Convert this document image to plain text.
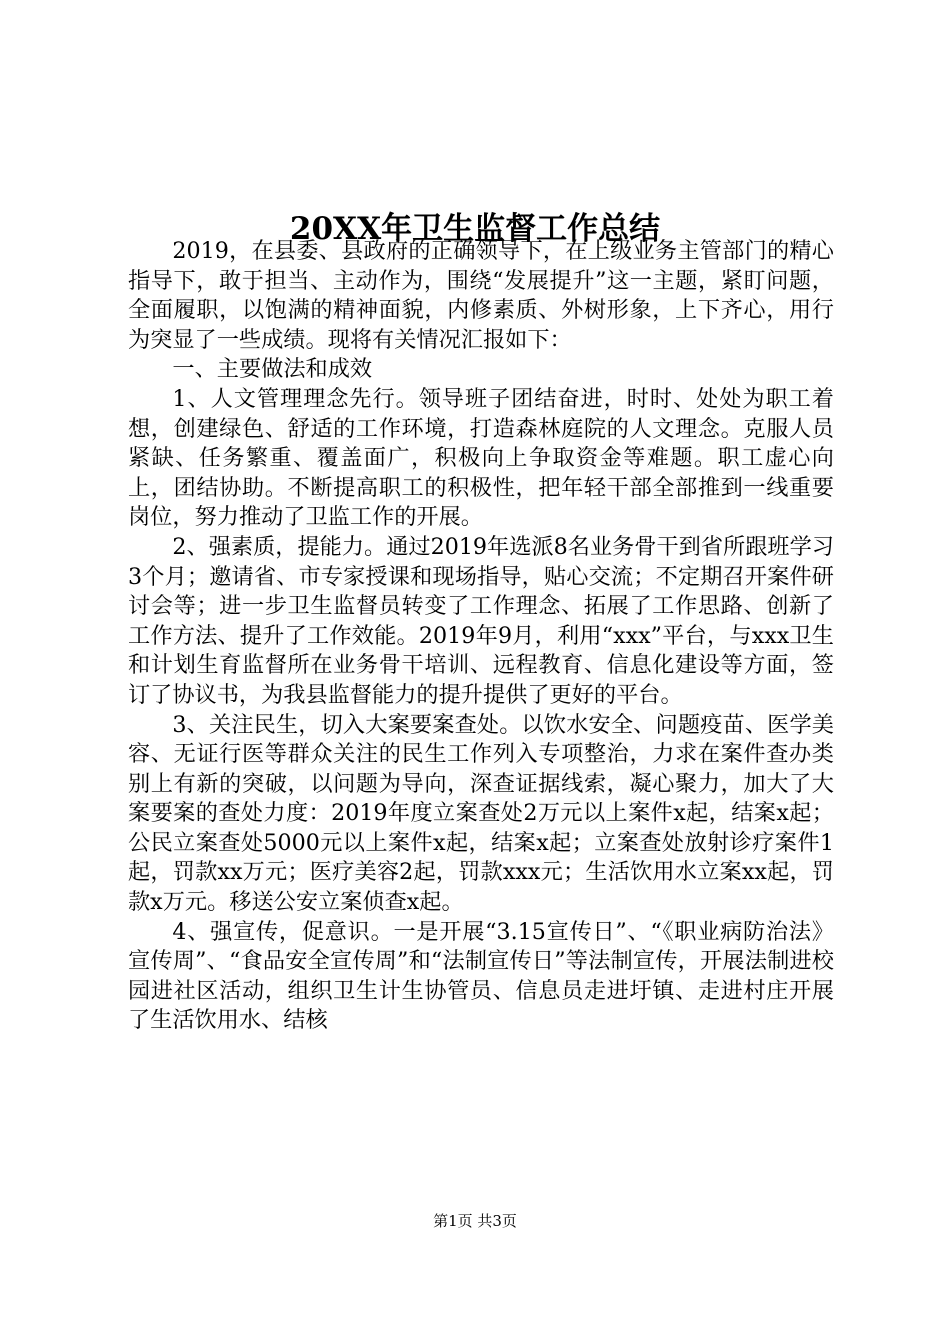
20XX年卫生监督工作总结

2019，在县委、县政府的正确领导下，在上级业务主管部门的精心指导下，敢于担当、主动作为，围绕“发展提升”这一主题，紧盯问题，全面履职，以饱满的精神面貌，内修素质、外树形象，上下齐心，用行为突显了一些成绩。现将有关情况汇报如下：

一、主要做法和成效

1、人文管理理念先行。领导班子团结奋进，时时、处处为职工着想，创建绿色、舒适的工作环境，打造森林庭院的人文理念。克服人员紧缺、任务繁重、覆盖面广，积极向上争取资金等难题。职工虚心向上，团结协助。不断提高职工的积极性，把年轻干部全部推到一线重要岗位，努力推动了卫监工作的开展。

2、强素质，提能力。通过2019年选派8名业务骨干到省所跟班学习3个月；邀请省、市专家授课和现场指导，贴心交流；不定期召开案件研讨会等；进一步卫生监督员转变了工作理念、拓展了工作思路、创新了工作方法、提升了工作效能。2019年9月，利用“xxx”平台，与xxx卫生和计划生育监督所在业务骨干培训、远程教育、信息化建设等方面，签订了协议书，为我县监督能力的提升提供了更好的平台。

3、关注民生，切入大案要案查处。以饮水安全、问题疫苗、医学美容、无证行医等群众关注的民生工作列入专项整治，力求在案件查办类别上有新的突破，以问题为导向，深查证据线索，凝心聚力，加大了大案要案的查处力度：2019年度立案查处2万元以上案件x起，结案x起；公民立案查处5000元以上案件x起，结案x起；立案查处放射诊疗案件1起，罚款xx万元；医疗美容2起，罚款xxx元；生活饮用水立案xx起，罚款x万元。移送公安立案侦查x起。

4、强宣传，促意识。一是开展“3.15宣传日”、“《职业病防治法》宣传周”、“食品安全宣传周”和“法制宣传日”等法制宣传，开展法制进校园进社区活动，组织卫生计生协管员、信息员走进圩镇、走进村庄开展了生活饮用水、结核

第1页 共3页
